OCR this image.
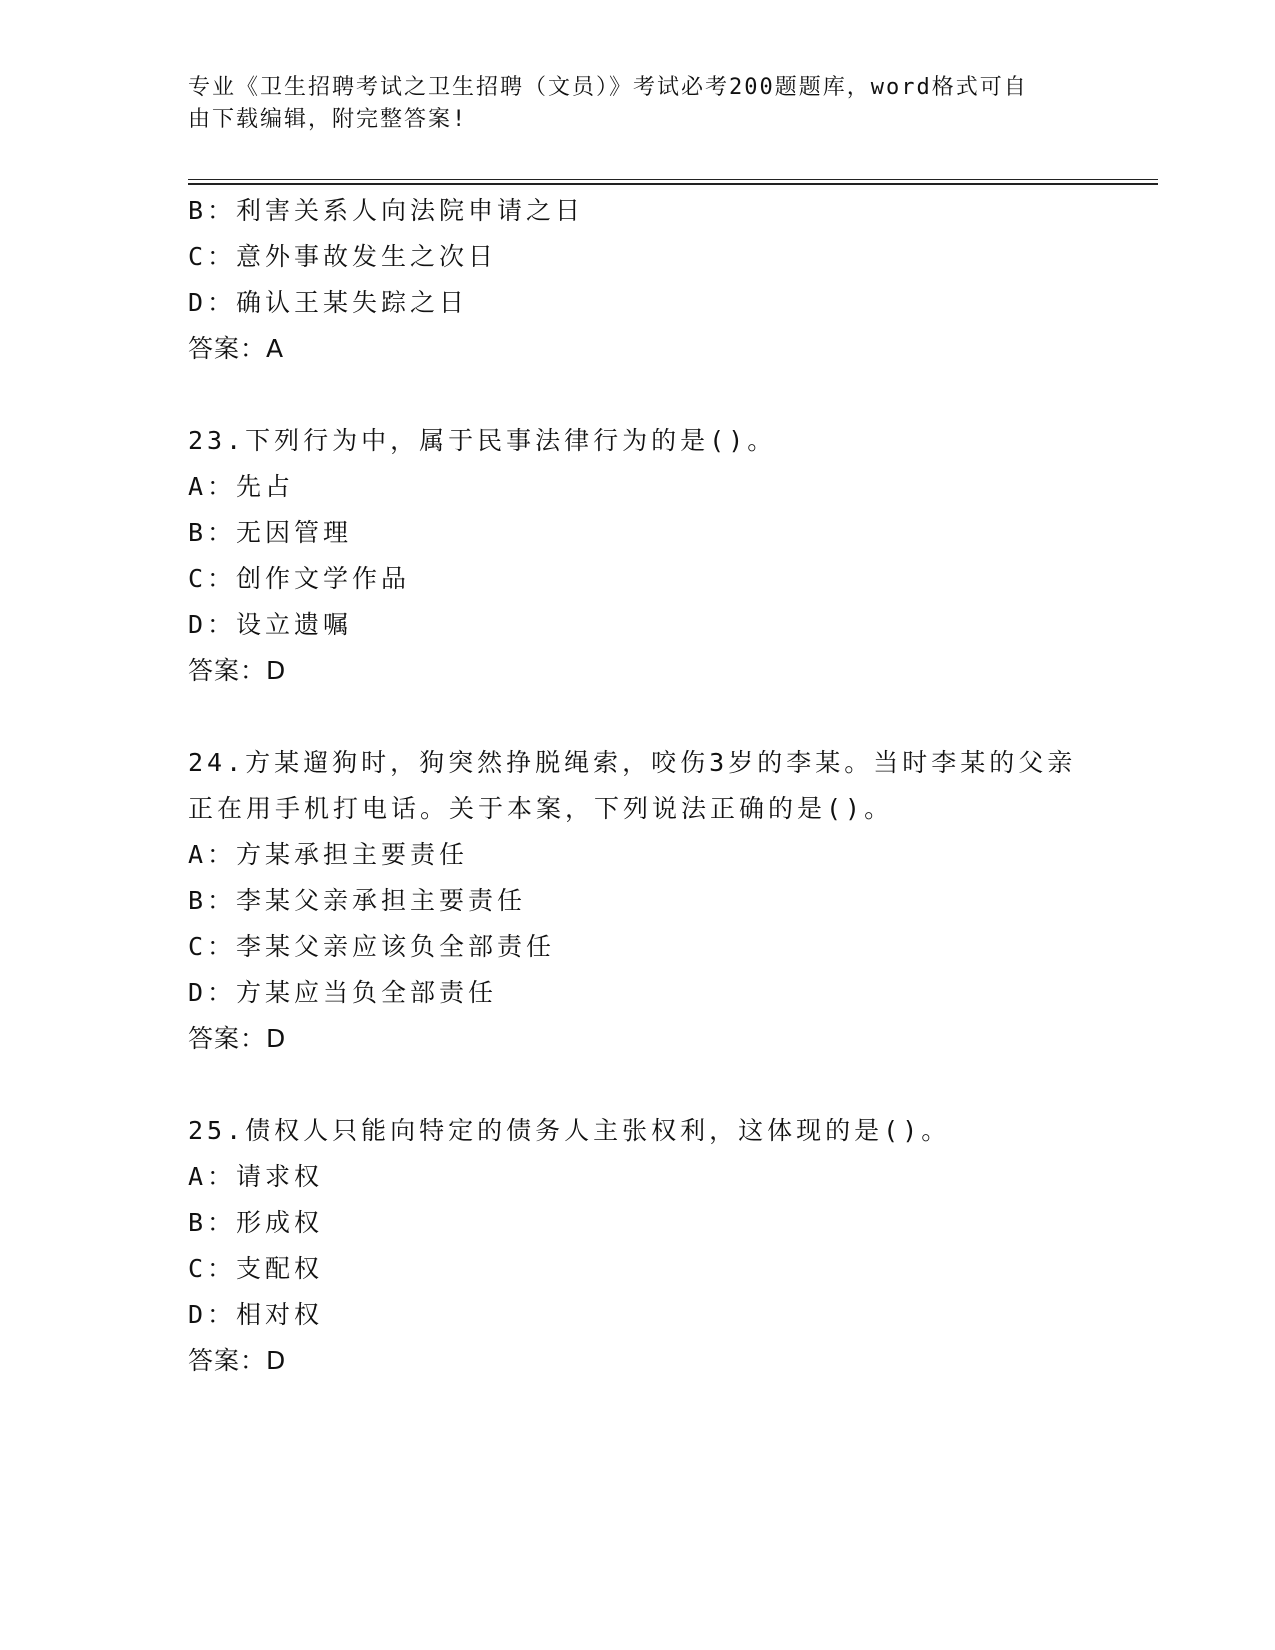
专业《卫生招聘考试之卫生招聘（文员）》考试必考200题题库，word格式可自
由下载编辑，附完整答案!
B：利害关系人向法院申请之日
C：意外事故发生之次日
D：确认王某失踪之日
答案：A
23.下列行为中，属于民事法律行为的是()。
A：先占
B：无因管理
C：创作文学作品
D：设立遗嘱
答案：D
24.方某遛狗时，狗突然挣脱绳索，咬伤3岁的李某。当时李某的父亲
正在用手机打电话。关于本案，下列说法正确的是()。
A：方某承担主要责任
B：李某父亲承担主要责任
C：李某父亲应该负全部责任
D：方某应当负全部责任
答案：D
25.债权人只能向特定的债务人主张权利，这体现的是()。
A：请求权
B：形成权
C：支配权
D：相对权
答案：D
